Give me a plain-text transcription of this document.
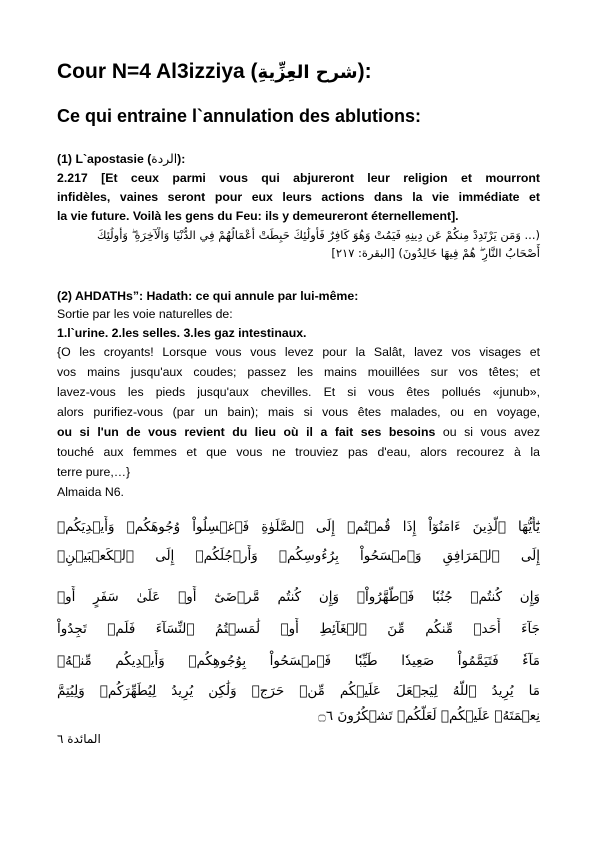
Cour N=4 Al3izziya (شرح العِزِّيةِ):
Ce qui entraine l`annulation des ablutions:
(1) L`apostasie (الردة):
2.217 [Et ceux parmi vous qui abjureront leur religion et mourront
infidèles, vaines seront pour eux leurs actions dans la vie immédiate et
la vie future. Voilà les gens du Feu: ils y demeureront éternellement].
(... وَمَن يَرْتَدِدْ مِنكُمْ عَن دِينِهِ فَيَمُتْ وَهُوَ كَافِرٌ فَأُولَٰئِكَ حَبِطَتْ أَعْمَالُهُمْ فِي الدُّنْيَا وَالْآخِرَةِ ۖ وَأُولَٰئِكَ
أَصْحَابُ النَّارِ ۖ هُمْ فِيهَا خَالِدُونَ) [البقرة: ٢١٧]
(2) AHDATHs”: Hadath: ce qui annule par lui-même:
Sortie par les voie naturelles de:
1.l`urine. 2.les selles. 3.les gaz intestinaux.
{O les croyants! Lorsque vous vous levez pour la Salât, lavez vos visages et
vos mains jusqu'aux coudes; passez les mains mouillées sur vos têtes; et
lavez-vous les pieds jusqu'aux chevilles. Et si vous êtes pollués «junub»,
alors purifiez-vous (par un bain); mais si vous êtes malades, ou en voyage,
ou si l'un de vous revient du lieu où il a fait ses besoins ou si vous avez
touché aux femmes et que vous ne trouviez pas d'eau, alors recourez à la
terre pure,…}
Almaida N6.
يَٰٓأَيُّهَا ٱلَّذِينَ ءَامَنُوٓاْ إِذَا قُمۡتُمۡ إِلَى ٱلصَّلَوٰةِ فَٱغۡسِلُواْ وُجُوهَكُمۡ وَأَيۡدِيَكُمۡ
إِلَى ٱلۡمَرَافِقِ وَٱمۡسَحُواْ بِرُءُوسِكُمۡ وَأَرۡجُلَكُمۡ إِلَى ٱلۡكَعۡبَيۡنِۚ
وَإِن كُنتُمۡ جُنُبٗا فَٱطَّهَّرُواْۚ وَإِن كُنتُم مَّرۡضَىٰٓ أَوۡ عَلَىٰ سَفَرٍ أَوۡ
جَآءَ أَحَدٞ مِّنكُم مِّنَ ٱلۡغَآئِطِ أَوۡ لَٰمَسۡتُمُ ٱلنِّسَآءَ فَلَمۡ تَجِدُواْ
مَآءٗ فَتَيَمَّمُواْ صَعِيدٗا طَيِّبٗا فَٱمۡسَحُواْ بِوُجُوهِكُمۡ وَأَيۡدِيكُم مِّنۡهُۚ
مَا يُرِيدُ ٱللَّهُ لِيَجۡعَلَ عَلَيۡكُم مِّنۡ حَرَجٖ وَلَٰكِن يُرِيدُ لِيُطَهِّرَكُمۡ وَلِيُتِمَّ
نِعۡمَتَهُۥ عَلَيۡكُمۡ لَعَلَّكُمۡ تَشۡكُرُونَ ۝٦
المائدة ٦
